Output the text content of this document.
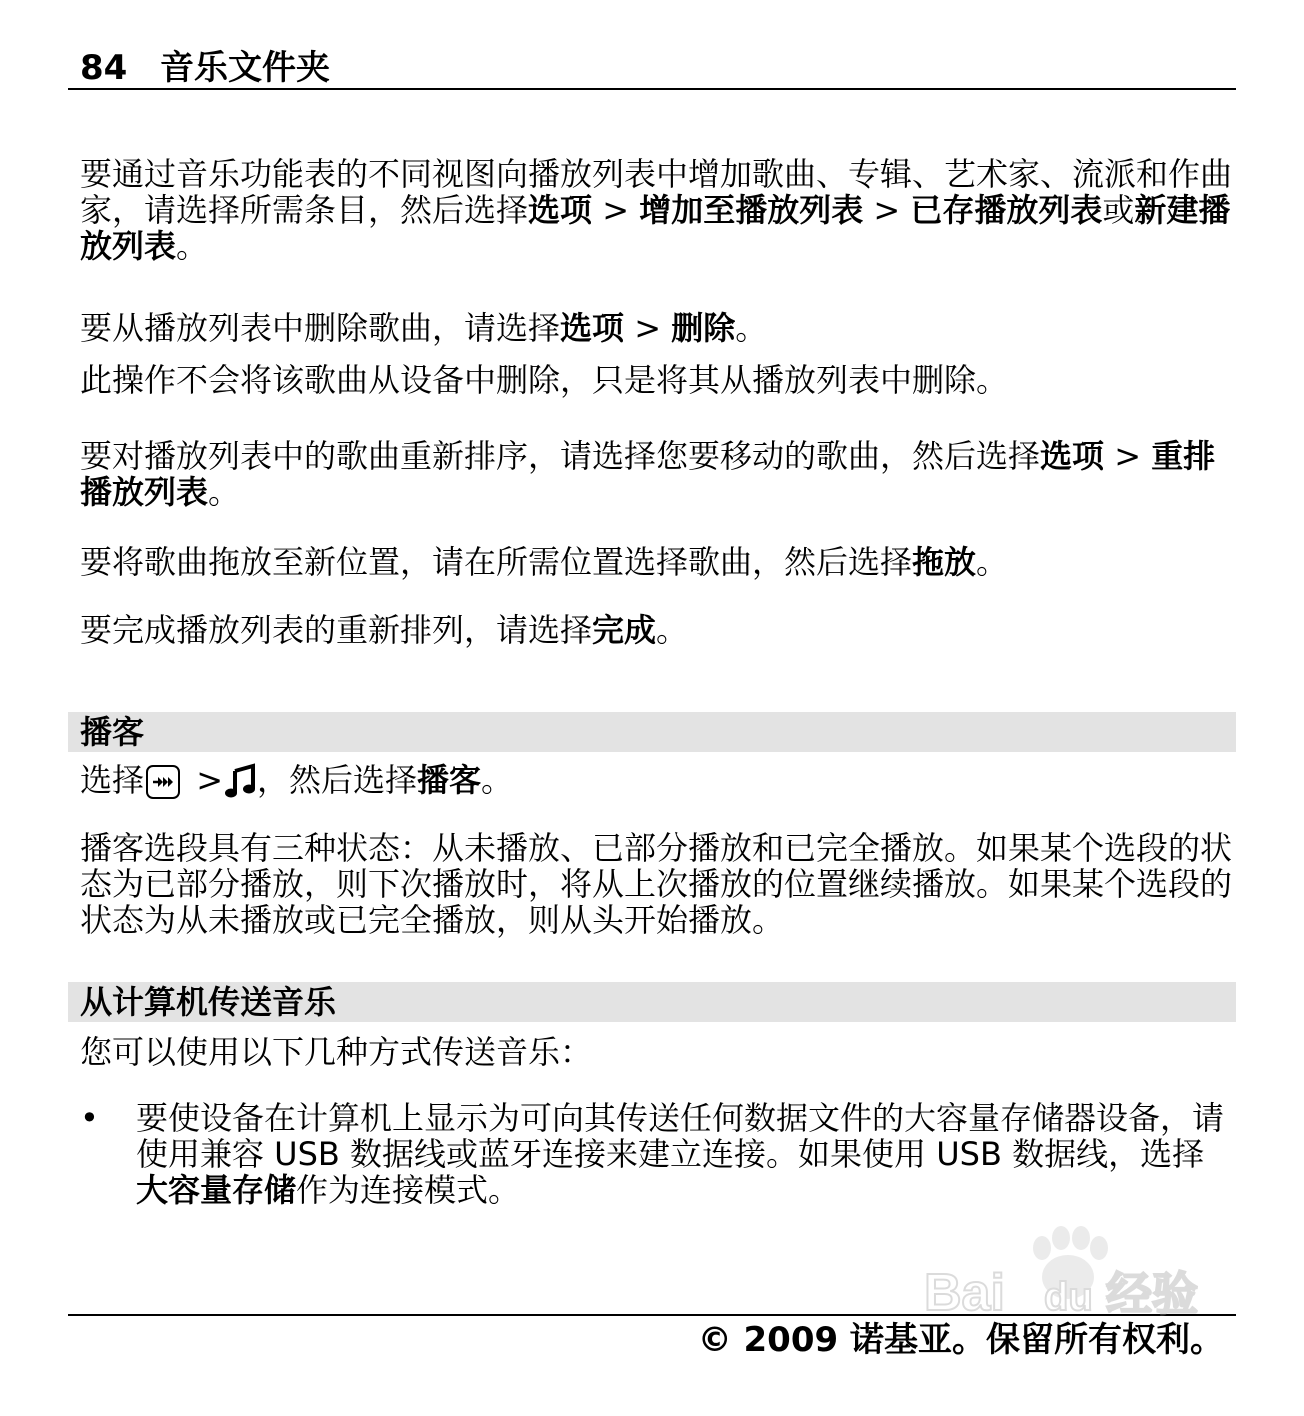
84 音乐文件夹
要通过音乐功能表的不同视图向播放列表中增加歌曲、专辑、艺术家、流派和作曲家，请选择所需条目，然后选择选项 > 增加至播放列表 > 已存播放列表或新建播放列表。
要从播放列表中删除歌曲，请选择选项 > 删除。
此操作不会将该歌曲从设备中删除，只是将其从播放列表中删除。
要对播放列表中的歌曲重新排序，请选择您要移动的歌曲，然后选择选项 > 重排播放列表。
要将歌曲拖放至新位置，请在所需位置选择歌曲，然后选择拖放。
要完成播放列表的重新排列，请选择完成。
播客
选择 > ，然后选择播客。
播客选段具有三种状态：从未播放、已部分播放和已完全播放。如果某个选段的状态为已部分播放，则下次播放时，将从上次播放的位置继续播放。如果某个选段的状态为从未播放或已完全播放，则从头开始播放。
从计算机传送音乐
您可以使用以下几种方式传送音乐：
• 要使设备在计算机上显示为可向其传送任何数据文件的大容量存储器设备，请使用兼容 USB 数据线或蓝牙连接来建立连接。如果使用 USB 数据线，选择大容量存储作为连接模式。
© 2009 诺基亚。保留所有权利。
Bai du 经验
